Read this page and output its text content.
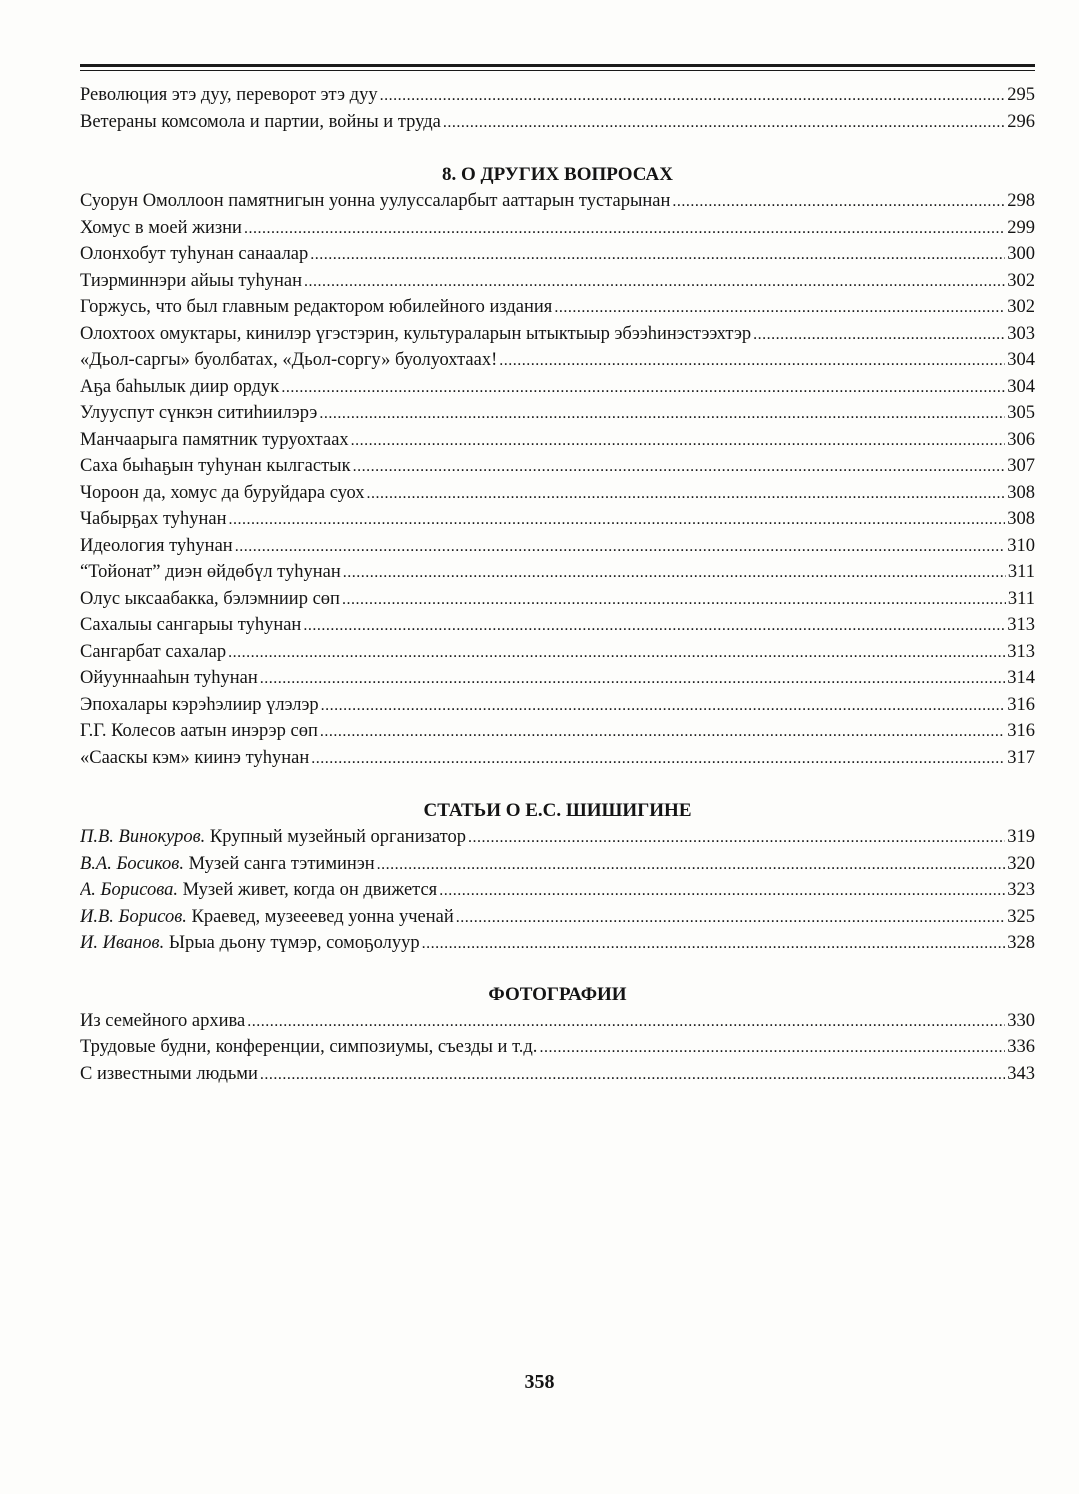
Революция этэ дуу, переворот этэ дуу .....	295
Ветераны комсомола и партии, войны и труда .....	296
8. О ДРУГИХ ВОПРОСАХ
Суорун Омоллоон памятнигын уонна уулуссаларбыт ааттарын тустарынан .....	298
Хомус в моей жизни .....	299
Олонхобут туhунан санаалар .....	300
Тиэрминнэри айыы туhунан .....	302
Горжусь, что был главным редактором юбилейного издания .....	302
Олохтоох омуктары, кинилэр үгэстэрин, культураларын ытыктыыр эбээhинэстээхтэр .....	303
«Дьол-саргы» буолбатах, «Дьол-соргу» буолуохтаах! .....	304
Аҕа баhылык диир ордук .....	304
Улууспут сүнкэн ситиhиилэрэ .....	305
Манчаарыга памятник туруохтаах .....	306
Саха быhаҕын туhунан кылгастык .....	307
Чороон да, хомус да буруйдара суох .....	308
Чабырҕах туhунан .....	308
Идеология туhунан .....	310
“Тойонат” диэн өйдөбүл туhунан .....	311
Олус ыксаабакка, бэлэмниир сөп .....	311
Сахалыы сангарыы туhунан .....	313
Сангарбат сахалар .....	313
Ойууннааhын туhунан .....	314
Эпохалары кэрэhэлиир үлэлэр .....	316
Г.Г. Колесов аатын инэрэр сөп .....	316
«Сааскы кэм» киинэ туhунан .....	317
СТАТЬИ О Е.С. ШИШИГИНЕ
П.В. Винокуров. Крупный музейный организатор .....	319
В.А. Босиков. Музей санга тэтиминэн .....	320
А. Борисова. Музей живет, когда он движется .....	323
И.В. Борисов. Краевед, музееевед уонна ученай .....	325
И. Иванов. Ырыа дьону түмэр, сомоҕолуур .....	328
ФОТОГРАФИИ
Из семейного архива .....	330
Трудовые будни, конференции, симпозиумы, съезды и т.д. .....	336
С известными людьми .....	343
358
